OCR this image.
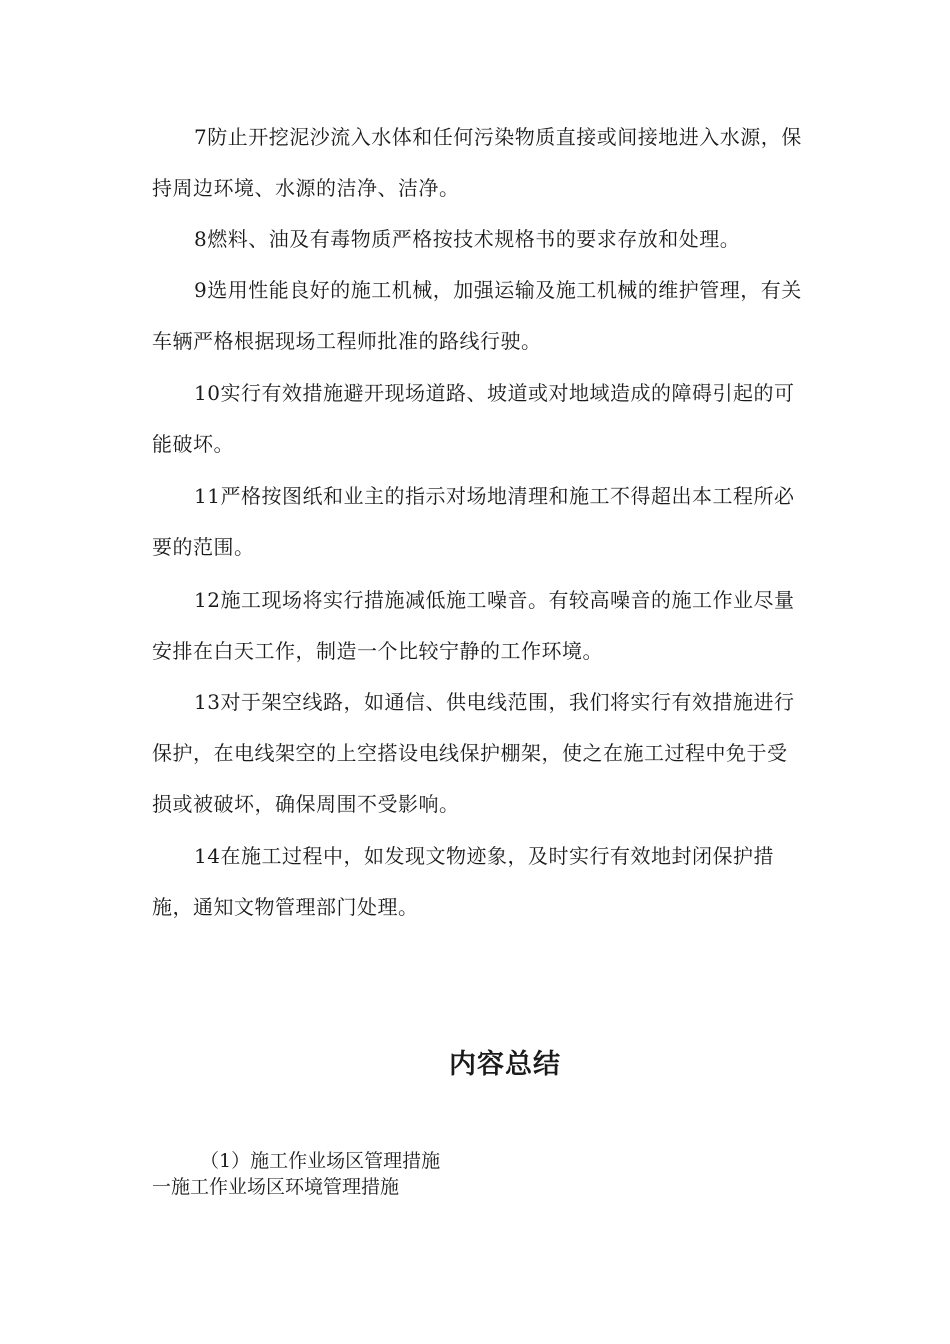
7防止开挖泥沙流入水体和任何污染物质直接或间接地进入水源，保持周边环境、水源的洁净、洁净。

8燃料、油及有毒物质严格按技术规格书的要求存放和处理。

9选用性能良好的施工机械，加强运输及施工机械的维护管理，有关车辆严格根据现场工程师批准的路线行驶。

10实行有效措施避开现场道路、坡道或对地域造成的障碍引起的可能破坏。

11严格按图纸和业主的指示对场地清理和施工不得超出本工程所必要的范围。

12施工现场将实行措施减低施工噪音。有较高噪音的施工作业尽量安排在白天工作，制造一个比较宁静的工作环境。

13对于架空线路，如通信、供电线范围，我们将实行有效措施进行保护，在电线架空的上空搭设电线保护棚架，使之在施工过程中免于受损或被破坏，确保周围不受影响。

14在施工过程中，如发现文物迹象，及时实行有效地封闭保护措施，通知文物管理部门处理。

内容总结

（1）施工作业场区管理措施

一施工作业场区环境管理措施
